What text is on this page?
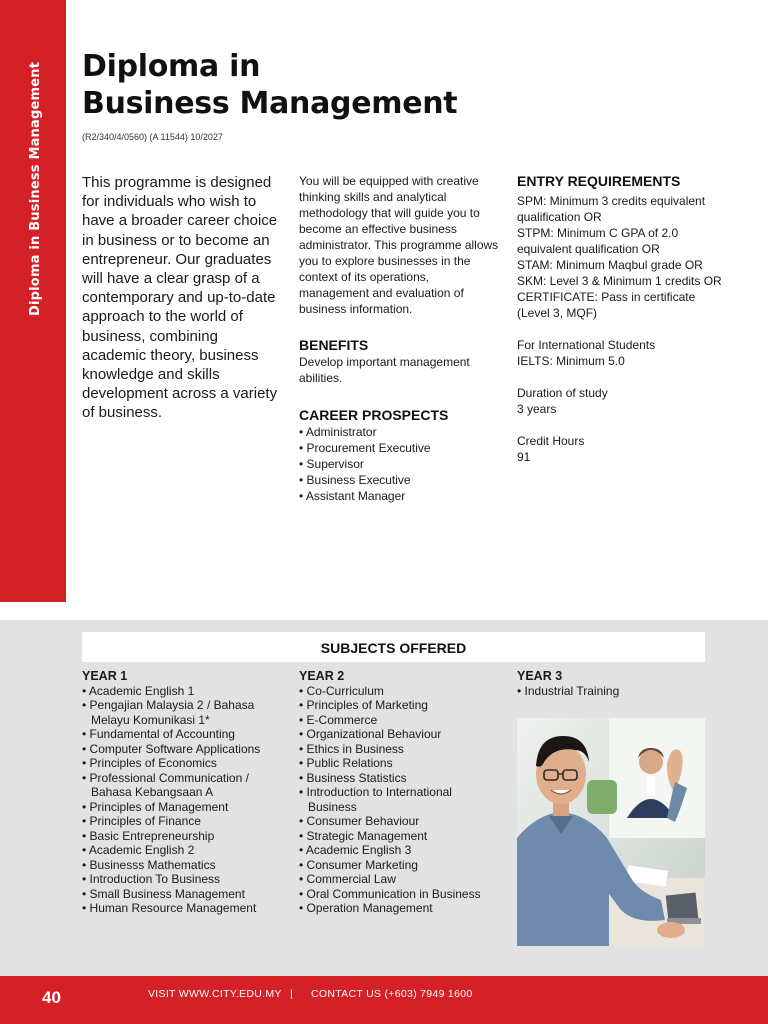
Diploma in Business Management Diploma in
Business Management
(R2/340/4/0560) (A 11544) 10/2027
This programme is designed for individuals who wish to have a broader career choice in business or to become an entrepreneur. Our graduates will have a clear grasp of a contemporary and up-to-date approach to the world of business, combining academic theory, business knowledge and skills development across a variety of business.

You will be equipped with creative thinking skills and analytical methodology that will guide you to become an effective business administrator. This programme allows you to explore businesses in the context of its operations, management and evaluation of business information.

BENEFITS

Develop important management abilities.

CAREER PROSPECTS

• Administrator
• Procurement Executive
• Supervisor
• Business Executive
• Assistant Manager

ENTRY REQUIREMENTS

SPM: Minimum 3 credits equivalent qualification OR

STPM: Minimum C GPA of 2.0 equivalent qualification OR

STAM: Minimum Maqbul grade OR

SKM: Level 3 & Minimum 1 credits OR CERTIFICATE: Pass in certificate

(Level 3, MQF)

For International Students

IELTS: Minimum 5.0

Duration of study

3 years

Credit Hours

91

SUBJECTS OFFERED

YEAR 1

• Academic English 1
• Pengajian Malaysia 2 / Bahasa Melayu Komunikasi 1*
• Fundamental of Accounting
• Computer Software Applications
• Principles of Economics
• Professional Communication / Bahasa Kebangsaan A
• Principles of Management
• Principles of Finance
• Basic Entrepreneurship
• Academic English 2
• Businesss Mathematics
• Introduction To Business
• Small Business Management
• Human Resource Management

YEAR 2

• Co-Curriculum
• Principles of Marketing
• E-Commerce
• Organizational Behaviour
• Ethics in Business
• Public Relations
• Business Statistics
• Introduction to International Business
• Consumer Behaviour
• Strategic Management
• Academic English 3
• Consumer Marketing
• Commercial Law
• Oral Communication in Business
• Operation Management

YEAR 3

• Industrial Training
40	VISIT WWW.CITY.EDU.MY | CONTACT US (+603) 7949 1600
